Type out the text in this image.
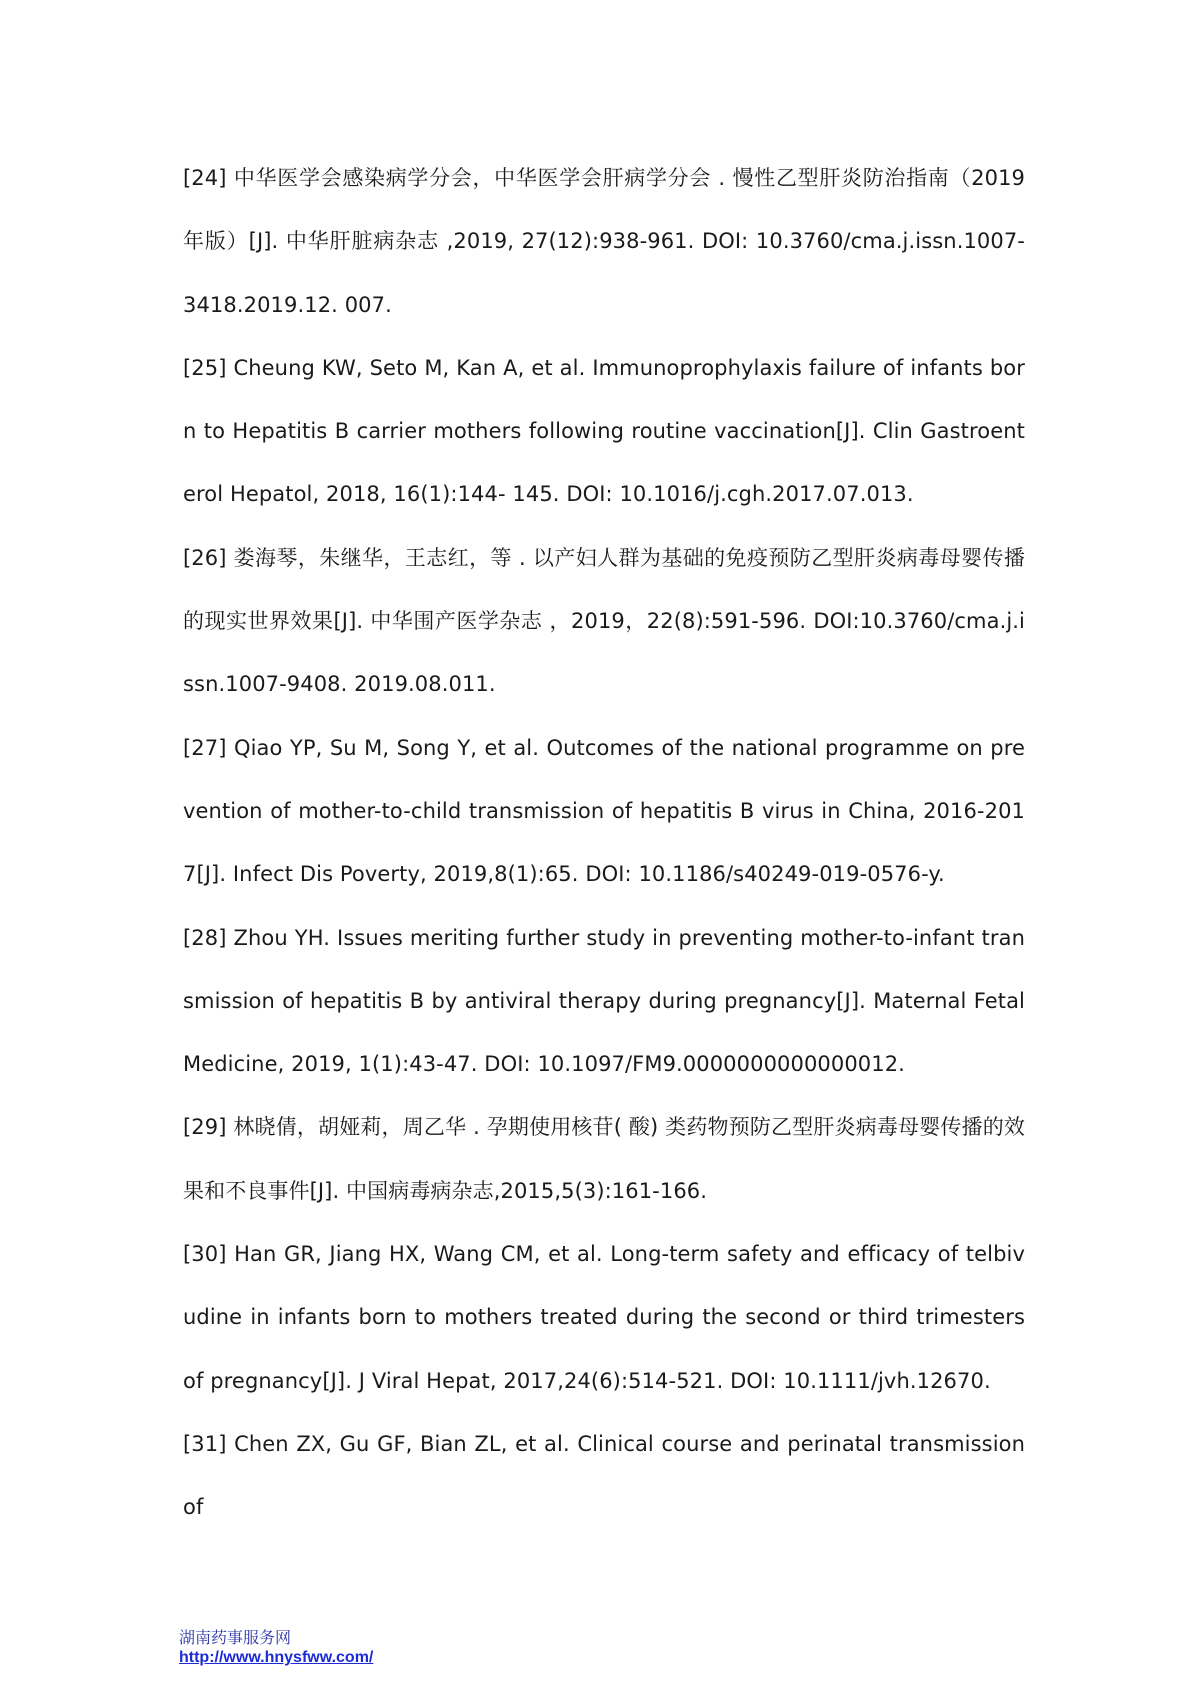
[24] 中华医学会感染病学分会，中华医学会肝病学分会 . 慢性乙型肝炎防治指南（2019 年版）[J]. 中华肝脏病杂志 ,2019, 27(12):938-961. DOI: 10.3760/cma.j.issn.1007-3418.2019.12. 007.
[25] Cheung KW, Seto M, Kan A, et al. Immunoprophylaxis failure of infants born to Hepatitis B carrier mothers following routine vaccination[J]. Clin Gastroenterol Hepatol, 2018, 16(1):144- 145. DOI: 10.1016/j.cgh.2017.07.013.
[26] 娄海琴，朱继华，王志红，等 . 以产妇人群为基础的免疫预防乙型肝炎病毒母婴传播的现实世界效果[J]. 中华围产医学杂志 ，2019，22(8):591-596. DOI:10.3760/cma.j.issn.1007-9408. 2019.08.011.
[27] Qiao YP, Su M, Song Y, et al. Outcomes of the national programme on prevention of mother-to-child transmission of hepatitis B virus in China, 2016-2017[J]. Infect Dis Poverty, 2019,8(1):65. DOI: 10.1186/s40249-019-0576-y.
[28] Zhou YH. Issues meriting further study in preventing mother-to-infant transmission of hepatitis B by antiviral therapy during pregnancy[J]. Maternal Fetal Medicine, 2019, 1(1):43-47. DOI: 10.1097/FM9.0000000000000012.
[29] 林晓倩，胡娅莉，周乙华 . 孕期使用核苷( 酸) 类药物预防乙型肝炎病毒母婴传播的效果和不良事件[J]. 中国病毒病杂志,2015,5(3):161-166.
[30] Han GR, Jiang HX, Wang CM, et al. Long-term safety and efficacy of telbivudine in infants born to mothers treated during the second or third trimesters of pregnancy[J]. J Viral Hepat, 2017,24(6):514-521. DOI: 10.1111/jvh.12670.
[31] Chen ZX, Gu GF, Bian ZL, et al. Clinical course and perinatal transmission of
湖南药事服务网
http://www.hnysfww.com/
